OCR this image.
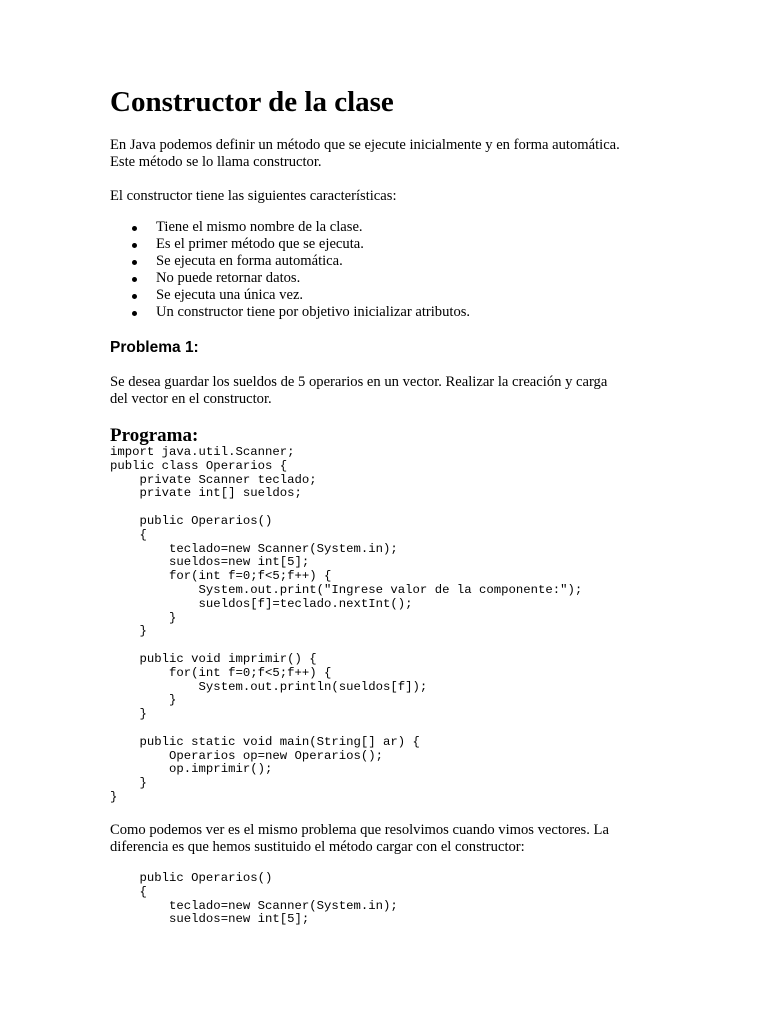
Constructor de la clase

En Java podemos definir un método que se ejecute inicialmente y en forma automática.
Este método se lo llama constructor.

El constructor tiene las siguientes características:

Tiene el mismo nombre de la clase.
Es el primer método que se ejecuta.
Se ejecuta en forma automática.
No puede retornar datos.
Se ejecuta una única vez.
Un constructor tiene por objetivo inicializar atributos.
Problema 1:

Se desea guardar los sueldos de 5 operarios en un vector. Realizar la creación y carga
del vector en el constructor.

Programa:
import java.util.Scanner;
public class Operarios {
private Scanner teclado;
private int[] sueldos;
public Operarios()
{
teclado=new Scanner(System.in);
sueldos=new int[5];
for(int f=0;f<5;f++) {
System.out.print("Ingrese valor de la componente:");
sueldos[f]=teclado.nextInt();
}
}
public void imprimir() {
for(int f=0;f<5;f++) {
System.out.println(sueldos[f]);
}
}
public static void main(String[] ar) {
Operarios op=new Operarios();
op.imprimir();
}
}

Como podemos ver es el mismo problema que resolvimos cuando vimos vectores. La
diferencia es que hemos sustituido el método cargar con el constructor:

public Operarios()
{
teclado=new Scanner(System.in);
sueldos=new int[5];
